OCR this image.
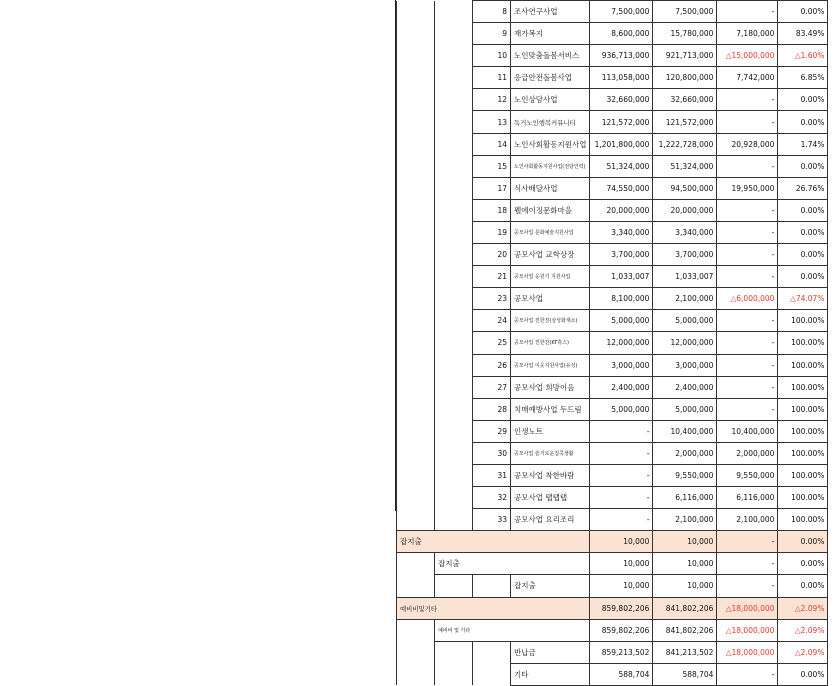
		8	조사연구사업	7,500,000	7,500,000	-	0.00%
		9	재가복지	8,600,000	15,780,000	7,180,000	83.49%
		10	노인맞춤돌봄서비스	936,713,000	921,713,000	△15,000,000	△1.60%
		11	응급안전돌봄사업	113,058,000	120,800,000	7,742,000	6.85%
		12	노인상담사업	32,660,000	32,660,000	-	0.00%
		13	독거노인행복커뮤니티	121,572,000	121,572,000	-	0.00%
		14	노인사회활동지원사업	1,201,800,000	1,222,728,000	20,928,000	1.74%
		15	노인사회활동지원사업(전담인력)	51,324,000	51,324,000	-	0.00%
		17	식사배달사업	74,550,000	94,500,000	19,950,000	26.76%
		18	웰에이징문화마을	20,000,000	20,000,000	-	0.00%
		19	공모사업 문화예술지원사업	3,340,000	3,340,000	-	0.00%
		20	공모사업 교학상장	3,700,000	3,700,000	-	0.00%
		21	공모사업 응원기 지원사업	1,033,007	1,033,007	-	0.00%
		23	공모사업	8,100,000	2,100,000	△6,000,000	△74.07%
		24	공모사업 친한친(삼성화재소)	5,000,000	5,000,000	-	100.00%
		25	공모사업 친한친(KT휴스)	12,000,000	12,000,000	-	100.00%
		26	공모사업 이웃지원사업(유성)	3,000,000	3,000,000	-	100.00%
		27	공모사업 희망이음	2,400,000	2,400,000	-	100.00%
		28	치매예방사업 두드림	5,000,000	5,000,000	-	100.00%
		29	인생노트	-	10,400,000	10,400,000	100.00%
		30	공모사업 슬기로운집콕생활	-	2,000,000	2,000,000	100.00%
		31	공모사업 착한바람	-	9,550,000	9,550,000	100.00%
		32	공모사업 탭탭탭	-	6,116,000	6,116,000	100.00%
		33	공모사업 요리조리	-	2,100,000	2,100,000	100.00%
잡지출				10,000	10,000	-	0.00%
	잡지출			10,000	10,000	-	0.00%
			잡지출	10,000	10,000	-	0.00%
예비비및기타				859,802,206	841,802,206	△18,000,000	△2.09%
	예비비 및 기타			859,802,206	841,802,206	△18,000,000	△2.09%
			반납금	859,213,502	841,213,502	△18,000,000	△2.09%
			기타	588,704	588,704	-	0.00%
